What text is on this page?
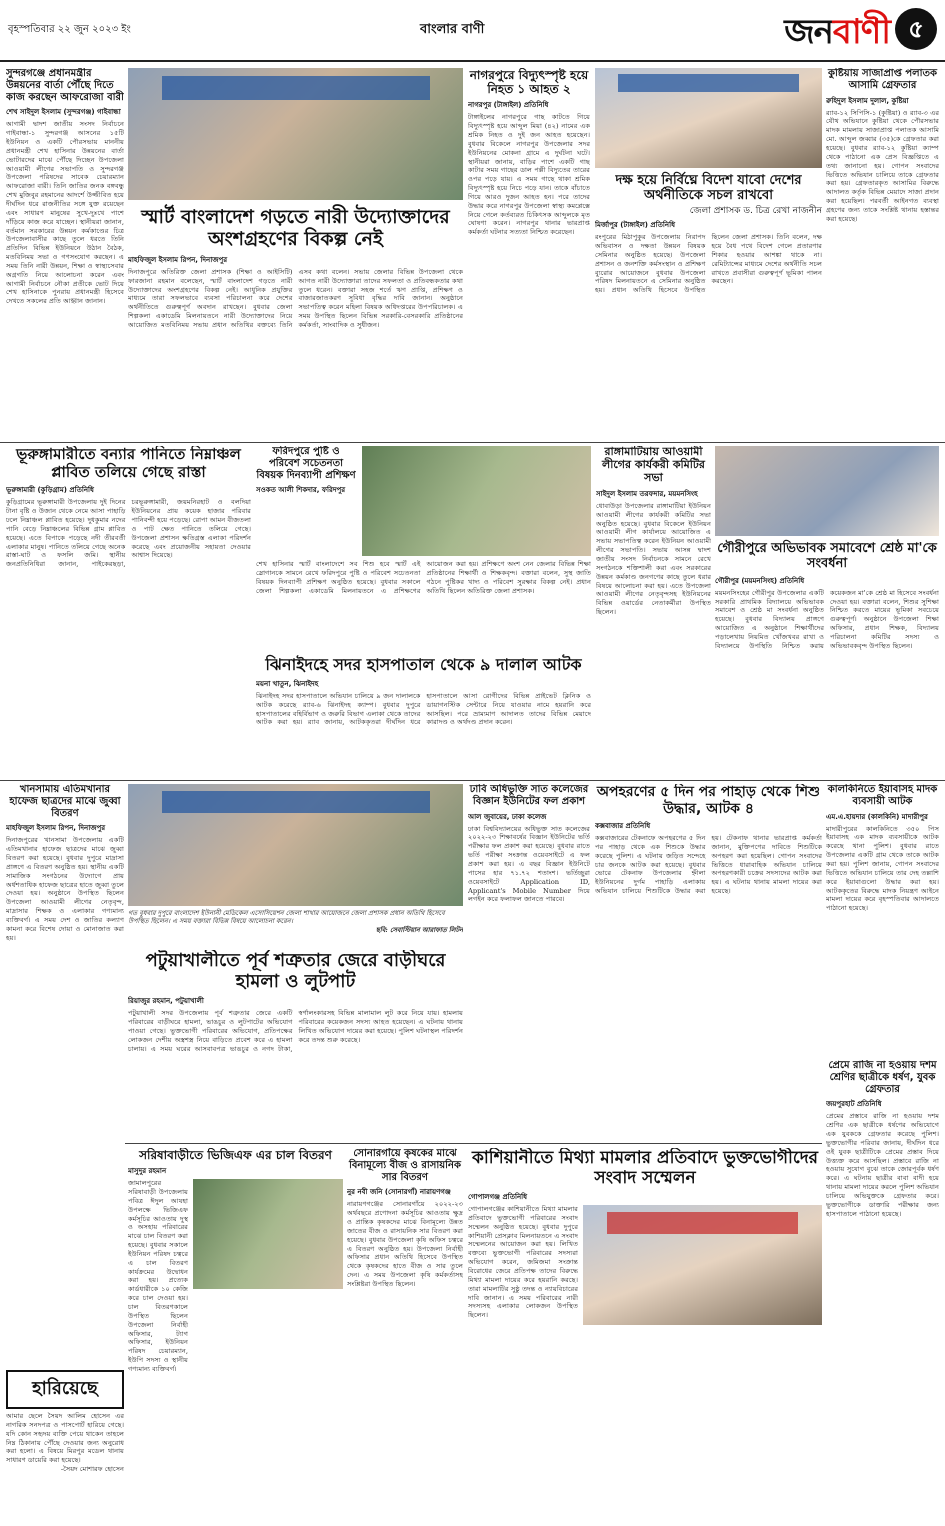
বৃহস্পতিবার ২২ জুন ২০২৩ ইং	বাংলার বাণী	জনবাণী ৫
সুন্দরগঞ্জে প্রধানমন্ত্রীর উন্নয়নের বার্তা পৌঁছে দিতে কাজ করছেন আফরোজা বারী
শেখ সাইদুল ইসলাম (সুন্দরগঞ্জ) গাইবান্ধা
আগামী দ্বাদশ জাতীয় সংসদ নির্বাচনে গাইবান্ধা-১ সুন্দরগঞ্জ আসনের ১৫টি ইউনিয়ন ও একটি পৌরসভায় মাননীয় প্রধানমন্ত্রী শেখ হাসিনার উন্নয়নের বার্তা ভোটারদের মাঝে পৌঁছে দিচ্ছেন উপজেলা আওয়ামী লীগের সভাপতি ও সুন্দরগঞ্জ উপজেলা পরিষদের সাবেক চেয়ারম্যান আফরোজা বারী। তিনি জাতির জনক বঙ্গবন্ধু শেখ মুজিবুর রহমানের আদর্শে উজ্জীবিত হয়ে দীর্ঘদিন ধরে রাজনীতির সঙ্গে যুক্ত রয়েছেন এবং সাধারণ মানুষের সুখে-দুঃখে পাশে দাঁড়িয়ে কাজ করে যাচ্ছেন। স্থানীয়রা জানান, বর্তমান সরকারের উন্নয়ন কর্মকাণ্ডের চিত্র উপজেলাবাসীর কাছে তুলে ধরতে তিনি প্রতিদিন বিভিন্ন ইউনিয়নে উঠান বৈঠক, মতবিনিময় সভা ও গণসংযোগ করছেন। এ সময় তিনি নারী উন্নয়ন, শিক্ষা ও স্বাস্থ্যসেবার অগ্রগতি নিয়ে আলোচনা করেন এবং আগামী নির্বাচনে নৌকা প্রতীকে ভোট দিয়ে শেখ হাসিনাকে পুনরায় প্রধানমন্ত্রী হিসেবে দেখতে সকলের প্রতি আহ্বান জানান।
স্মার্ট বাংলাদেশ গড়তে নারী উদ্যোক্তাদের অংশগ্রহণের বিকল্প নেই
মাহফিজুল ইসলাম রিপন, দিনাজপুর
দিনাজপুরে অতিরিক্ত জেলা প্রশাসক (শিক্ষা ও আইসিটি) ফারজানা রহমান বলেছেন, স্মার্ট বাংলাদেশ গড়তে নারী উদ্যোক্তাদের অংশগ্রহণের বিকল্প নেই। আধুনিক প্রযুক্তির মাধ্যমে তারা সফলভাবে ব্যবসা পরিচালনা করে দেশের অর্থনীতিতে গুরুত্বপূর্ণ অবদান রাখছেন। বুধবার জেলা শিল্পকলা একাডেমি মিলনায়তনে নারী উদ্যোক্তাদের নিয়ে আয়োজিত মতবিনিময় সভায় প্রধান অতিথির বক্তব্যে তিনি এসব কথা বলেন। সভায় জেলার বিভিন্ন উপজেলা থেকে আগত নারী উদ্যোক্তারা তাদের সফলতা ও প্রতিবন্ধকতার কথা তুলে ধরেন। বক্তারা সহজ শর্তে ঋণ প্রাপ্তি, প্রশিক্ষণ ও বাজারজাতকরণ সুবিধা বৃদ্ধির দাবি জানান। অনুষ্ঠানে সভাপতিত্ব করেন মহিলা বিষয়ক অধিদপ্তরের উপপরিচালক। এ সময় উপস্থিত ছিলেন বিভিন্ন সরকারি-বেসরকারি প্রতিষ্ঠানের কর্মকর্তা, সাংবাদিক ও সুধীজন।
নাগরপুরে বিদ্যুৎস্পৃষ্ট হয়ে নিহত ১ আহত ২
নাগরপুর (টাঙ্গাইল) প্রতিনিধি
টাঙ্গাইলের নাগরপুরে গাছ কাটতে গিয়ে বিদ্যুৎস্পৃষ্ট হয়ে আব্দুল মিয়া (৪২) নামের এক শ্রমিক নিহত ও দুই জন আহত হয়েছেন। বুধবার বিকেলে নাগরপুর উপজেলার সদর ইউনিয়নের মোকনা গ্রামে এ দুর্ঘটনা ঘটে। স্থানীয়রা জানায়, বাড়ির পাশে একটি গাছ কাটার সময় গাছের ডাল পল্লী বিদ্যুতের তারের ওপর পড়ে যায়। এ সময় গাছে থাকা শ্রমিক বিদ্যুৎস্পৃষ্ট হয়ে নিচে পড়ে যান। তাকে বাঁচাতে গিয়ে আরও দুজন আহত হন। পরে তাদের উদ্ধার করে নাগরপুর উপজেলা স্বাস্থ্য কমপ্লেক্সে নিয়ে গেলে কর্তব্যরত চিকিৎসক আব্দুলকে মৃত ঘোষণা করেন। নাগরপুর থানার ভারপ্রাপ্ত কর্মকর্তা ঘটনার সত্যতা নিশ্চিত করেছেন।
দক্ষ হয়ে নির্বিঘ্নে বিদেশ যাবো দেশের অর্থনীতিকে সচল রাখবো
জেলা প্রশাসক ড. চিত্র রেখা নাজনীন
মির্জাপুর (টাঙ্গাইল) প্রতিনিধি
রংপুরের মিঠাপুকুর উপজেলায় নিরাপদ অভিবাসন ও দক্ষতা উন্নয়ন বিষয়ক সেমিনার অনুষ্ঠিত হয়েছে। উপজেলা প্রশাসন ও জনশক্তি কর্মসংস্থান ও প্রশিক্ষণ ব্যুরোর আয়োজনে বুধবার উপজেলা পরিষদ মিলনায়তনে এ সেমিনার অনুষ্ঠিত হয়। প্রধান অতিথি হিসেবে উপস্থিত ছিলেন জেলা প্রশাসক। তিনি বলেন, দক্ষ হয়ে বৈধ পথে বিদেশ গেলে প্রতারণার শিকার হওয়ার আশঙ্কা থাকে না। রেমিট্যান্সের মাধ্যমে দেশের অর্থনীতি সচল রাখতে প্রবাসীরা গুরুত্বপূর্ণ ভূমিকা পালন করছেন।
কুষ্টিয়ায় সাজাপ্রাপ্ত পলাতক আসামি গ্রেফতার
রুহিদুল ইসলাম দুলাল, কুষ্টিয়া
র‌্যাব-১২ সিপিসি-১ (কুষ্টিয়া) ও র‌্যাব-৩ এর যৌথ অভিযানে কুষ্টিয়া থেকে পৌরসভার মাদক মামলায় সাজাপ্রাপ্ত পলাতক আসামি মো. আব্দুল জব্বার (৩৫)কে গ্রেফতার করা হয়েছে। বুধবার র‌্যাব-১২ কুষ্টিয়া ক্যাম্প থেকে পাঠানো এক প্রেস বিজ্ঞপ্তিতে এ তথ্য জানানো হয়। গোপন সংবাদের ভিত্তিতে অভিযান চালিয়ে তাকে গ্রেফতার করা হয়। গ্রেফতারকৃত আসামির বিরুদ্ধে আদালত কর্তৃক বিভিন্ন মেয়াদে সাজা প্রদান করা হয়েছিল। পরবর্তী আইনগত ব্যবস্থা গ্রহণের জন্য তাকে সংশ্লিষ্ট থানায় হস্তান্তর করা হয়েছে।
ভূরুঙ্গামারীতে বন্যার পানিতে নিম্নাঞ্চল প্লাবিত তলিয়ে গেছে রাস্তা
ভূরুঙ্গামারী (কুড়িগ্রাম) প্রতিনিধি
কুড়িগ্রামের ভূরুঙ্গামারী উপজেলায় দুই দিনের টানা বৃষ্টি ও উজান থেকে নেমে আসা পাহাড়ি ঢলে নিম্নাঞ্চল প্লাবিত হয়েছে। দুধকুমার নদের পানি বেড়ে নিম্নাঞ্চলের বিভিন্ন গ্রাম প্লাবিত হয়েছে। এতে বিপাকে পড়েছে নদী তীরবর্তী এলাকার মানুষ। পানিতে তলিয়ে গেছে অনেক রাস্তা-ঘাট ও ফসলি জমি। স্থানীয় জনপ্রতিনিধিরা জানান, পাইকেরছড়া, চরভূরুঙ্গামারী, জয়মনিরহাট ও বলদিয়া ইউনিয়নের প্রায় কয়েক হাজার পরিবার পানিবন্দী হয়ে পড়েছে। রোপা আমন বীজতলা ও পাট ক্ষেত পানিতে তলিয়ে গেছে। উপজেলা প্রশাসন ক্ষতিগ্রস্ত এলাকা পরিদর্শন করেছে এবং প্রয়োজনীয় সহায়তা দেওয়ার আশ্বাস দিয়েছে।
ফরিদপুরে পুষ্টি ও পরিবেশ সচেতনতা বিষয়ক দিনব্যাপী প্রশিক্ষণ
সওকত আলী শিকদার, ফরিদপুর
শেখ হাসিনার স্মার্ট বাংলাদেশে সব শিশু হবে স্মার্ট এই স্লোগানকে সামনে রেখে ফরিদপুরে পুষ্টি ও পরিবেশ সচেতনতা বিষয়ক দিনব্যাপী প্রশিক্ষণ অনুষ্ঠিত হয়েছে। বুধবার সকালে জেলা শিল্পকলা একাডেমি মিলনায়তনে এ প্রশিক্ষণের আয়োজন করা হয়। প্রশিক্ষণে অংশ নেন জেলার বিভিন্ন শিক্ষা প্রতিষ্ঠানের শিক্ষার্থী ও শিক্ষকবৃন্দ। বক্তারা বলেন, সুস্থ জাতি গঠনে পুষ্টিকর খাদ্য ও পরিবেশ সুরক্ষার বিকল্প নেই। প্রধান অতিথি ছিলেন অতিরিক্ত জেলা প্রশাসক।
ঝিনাইদহে সদর হাসপাতাল থেকে ৯ দালাল আটক
ময়না খাতুন, ঝিনাইদহ
ঝিনাইদহ সদর হাসপাতালে অভিযান চালিয়ে ৯ জন দালালকে আটক করেছে র‌্যাব-৬ ঝিনাইদহ ক্যাম্প। বুধবার দুপুরে হাসপাতালের বহির্বিভাগ ও জরুরি বিভাগ এলাকা থেকে তাদের আটক করা হয়। র‌্যাব জানায়, আটককৃতরা দীর্ঘদিন ধরে হাসপাতালে আসা রোগীদের বিভিন্ন প্রাইভেট ক্লিনিক ও ডায়াগনস্টিক সেন্টারে নিয়ে যাওয়ার নামে হয়রানি করে আসছিল। পরে ভ্রাম্যমাণ আদালত তাদের বিভিন্ন মেয়াদে কারাদণ্ড ও অর্থদণ্ড প্রদান করেন।
রাঙ্গামাটিয়ায় আওয়ামী লীগের কার্যকরী কমিটির সভা
সাইদুল ইসলাম তরফদার, ময়মনসিংহ
ধোবাউড়া উপজেলার রাঙ্গামাটিয়া ইউনিয়ন আওয়ামী লীগের কার্যকরী কমিটির সভা অনুষ্ঠিত হয়েছে। বুধবার বিকেলে ইউনিয়ন আওয়ামী লীগ কার্যালয়ে আয়োজিত এ সভায় সভাপতিত্ব করেন ইউনিয়ন আওয়ামী লীগের সভাপতি। সভায় আসন্ন দ্বাদশ জাতীয় সংসদ নির্বাচনকে সামনে রেখে সংগঠনকে শক্তিশালী করা এবং সরকারের উন্নয়ন কর্মকাণ্ড জনগণের কাছে তুলে ধরার বিষয়ে আলোচনা করা হয়। এতে উপজেলা আওয়ামী লীগের নেতৃবৃন্দসহ ইউনিয়নের বিভিন্ন ওয়ার্ডের নেতাকর্মীরা উপস্থিত ছিলেন।
গৌরীপুরে অভিভাবক সমাবেশে শ্রেষ্ঠ মা'কে সংবর্ধনা
গৌরীপুর (ময়মনসিংহ) প্রতিনিধি
ময়মনসিংহের গৌরীপুর উপজেলার একটি সরকারি প্রাথমিক বিদ্যালয়ে অভিভাবক সমাবেশ ও শ্রেষ্ঠ মা সংবর্ধনা অনুষ্ঠিত হয়েছে। বুধবার বিদ্যালয় প্রাঙ্গণে আয়োজিত এ অনুষ্ঠানে শিক্ষার্থীদের পড়ালেখায় নিয়মিত খোঁজখবর রাখা ও বিদ্যালয়ে উপস্থিতি নিশ্চিত করায় কয়েকজন মা'কে শ্রেষ্ঠ মা হিসেবে সংবর্ধনা দেওয়া হয়। বক্তারা বলেন, শিশুর সুশিক্ষা নিশ্চিত করতে মায়ের ভূমিকা সবচেয়ে গুরুত্বপূর্ণ। অনুষ্ঠানে উপজেলা শিক্ষা অফিসার, প্রধান শিক্ষক, বিদ্যালয় পরিচালনা কমিটির সদস্য ও অভিভাবকবৃন্দ উপস্থিত ছিলেন।
খানসামায় এতিমখানার হাফেজ ছাত্রদের মাঝে জুব্বা বিতরণ
মাহফিজুল ইসলাম রিপন, দিনাজপুর
দিনাজপুরের খানসামা উপজেলায় একটি এতিমখানার হাফেজ ছাত্রদের মাঝে জুব্বা বিতরণ করা হয়েছে। বুধবার দুপুরে মাদ্রাসা প্রাঙ্গণে এ বিতরণ অনুষ্ঠিত হয়। স্থানীয় একটি সামাজিক সংগঠনের উদ্যোগে প্রায় অর্ধশতাধিক হাফেজ ছাত্রের হাতে জুব্বা তুলে দেওয়া হয়। অনুষ্ঠানে উপস্থিত ছিলেন উপজেলা আওয়ামী লীগের নেতৃবৃন্দ, মাদ্রাসার শিক্ষক ও এলাকার গণ্যমান্য ব্যক্তিবর্গ। এ সময় দেশ ও জাতির কল্যাণ কামনা করে বিশেষ দোয়া ও মোনাজাত করা হয়।
গত বুধবার দুপুরে বাংলাদেশ ইউনানী মেডিকেল এসোসিয়েশন জেলা শাখার আয়োজনে জেলা প্রশাসক প্রধান অতিথি হিসেবে উপস্থিত ছিলেন। এ সময় বক্তারা বিভিন্ন বিষয়ে আলোচনা করেন।
ছবি: সেবাস্টিয়ান আরাফাত লিটন
ঢাবি অধিভুক্তি সাত কলেজের বিজ্ঞান ইউনিটের ফল প্রকাশ
আল জুবায়ের, ঢাকা কলেজ
ঢাকা বিশ্ববিদ্যালয়ের অধিভুক্ত সাত কলেজের ২০২২-২৩ শিক্ষাবর্ষের বিজ্ঞান ইউনিটের ভর্তি পরীক্ষার ফল প্রকাশ করা হয়েছে। বুধবার রাতে ভর্তি পরীক্ষা সংক্রান্ত ওয়েবসাইটে এ ফল প্রকাশ করা হয়। এ বছর বিজ্ঞান ইউনিটে পাসের হার ৭১.৭২ শতাংশ। ভর্তিচ্ছুরা ওয়েবসাইটে Application ID, Applicant's Mobile Number দিয়ে লগইন করে ফলাফল জানতে পারবে।
অপহরণের ৫ দিন পর পাহাড় থেকে শিশু উদ্ধার, আটক ৪
কক্সবাজার প্রতিনিধি
কক্সবাজারের টেকনাফে অপহরণের ৫ দিন পর পাহাড় থেকে এক শিশুকে উদ্ধার করেছে পুলিশ। এ ঘটনায় জড়িত সন্দেহে চার জনকে আটক করা হয়েছে। বুধবার ভোরে টেকনাফ উপজেলার হ্নীলা ইউনিয়নের দুর্গম পাহাড়ি এলাকায় অভিযান চালিয়ে শিশুটিকে উদ্ধার করা হয়। টেকনাফ থানার ভারপ্রাপ্ত কর্মকর্তা জানান, মুক্তিপণের দাবিতে শিশুটিকে অপহরণ করা হয়েছিল। গোপন সংবাদের ভিত্তিতে ধারাবাহিক অভিযান চালিয়ে অপহরণকারী চক্রের সদস্যদের আটক করা হয়। এ ঘটনায় থানায় মামলা দায়ের করা হয়েছে।
কালকিনিতে ইয়াবাসহ মাদক ব্যবসায়ী আটক
এম.এ.হায়দার (কালকিনি) মাদারীপুর
মাদারীপুরের কালকিনিতে ৩৫০ পিস ইয়াবাসহ এক মাদক ব্যবসায়ীকে আটক করেছে থানা পুলিশ। বুধবার রাতে উপজেলার একটি গ্রাম থেকে তাকে আটক করা হয়। পুলিশ জানায়, গোপন সংবাদের ভিত্তিতে অভিযান চালিয়ে তার দেহ তল্লাশি করে ইয়াবাগুলো উদ্ধার করা হয়। আটককৃতের বিরুদ্ধে মাদক নিয়ন্ত্রণ আইনে মামলা দায়ের করে বৃহস্পতিবার আদালতে পাঠানো হয়েছে।
পটুয়াখালীতে পূর্ব শত্রুতার জেরে বাড়ীঘরে হামলা ও লুটপাট
রিয়াজুর রহমান, পটুয়াখালী
পটুয়াখালী সদর উপজেলায় পূর্ব শত্রুতার জেরে একটি পরিবারের বাড়ীঘরে হামলা, ভাঙচুর ও লুটপাটের অভিযোগ পাওয়া গেছে। ভুক্তভোগী পরিবারের অভিযোগ, প্রতিপক্ষের লোকজন দেশীয় অস্ত্রশস্ত্র নিয়ে বাড়িতে প্রবেশ করে এ হামলা চালায়। এ সময় ঘরের আসবাবপত্র ভাঙচুর ও নগদ টাকা, স্বর্ণালংকারসহ বিভিন্ন মালামাল লুট করে নিয়ে যায়। হামলায় পরিবারের কয়েকজন সদস্য আহত হয়েছেন। এ ঘটনায় থানায় লিখিত অভিযোগ দায়ের করা হয়েছে। পুলিশ ঘটনাস্থল পরিদর্শন করে তদন্ত শুরু করেছে।
প্রেমে রাজি না হওয়ায় দশম শ্রেণির ছাত্রীকে ধর্ষণ, যুবক গ্রেফতার
জয়পুরহাট প্রতিনিধি
প্রেমের প্রস্তাবে রাজি না হওয়ায় দশম শ্রেণির এক ছাত্রীকে ধর্ষণের অভিযোগে এক যুবককে গ্রেফতার করেছে পুলিশ। ভুক্তভোগীর পরিবার জানায়, দীর্ঘদিন ধরে ওই যুবক ছাত্রীটিকে প্রেমের প্রস্তাব দিয়ে উত্ত্যক্ত করে আসছিল। প্রস্তাবে রাজি না হওয়ায় সুযোগ বুঝে তাকে জোরপূর্বক ধর্ষণ করে। এ ঘটনায় ছাত্রীর বাবা বাদী হয়ে থানায় মামলা দায়ের করলে পুলিশ অভিযান চালিয়ে অভিযুক্তকে গ্রেফতার করে। ভুক্তভোগীকে ডাক্তারি পরীক্ষার জন্য হাসপাতালে পাঠানো হয়েছে।
সরিষাবাড়ীতে ভিজিএফ এর চাল বিতরণ
মাসুদুর রহমান
জামালপুরের সরিষাবাড়ী উপজেলায় পবিত্র ঈদুল আযহা উপলক্ষে ভিজিএফ কর্মসূচির আওতায় দুস্থ ও অসহায় পরিবারের মাঝে চাল বিতরণ করা হয়েছে। বুধবার সকালে ইউনিয়ন পরিষদ চত্বরে এ চাল বিতরণ কার্যক্রমের উদ্বোধন করা হয়। প্রত্যেক কার্ডধারীকে ১০ কেজি করে চাল দেওয়া হয়। চাল বিতরণকালে উপস্থিত ছিলেন উপজেলা নির্বাহী অফিসার, ট্যাগ অফিসার, ইউনিয়ন পরিষদ চেয়ারম্যান, ইউপি সদস্য ও স্থানীয় গণ্যমান্য ব্যক্তিবর্গ।
সোনারগাঁয়ে কৃষকের মাঝে বিনামূল্যে বীজ ও রাসায়নিক সার বিতরণ
নুর নবী জনি (সোনারগাঁ) নারায়ণগঞ্জ
নারায়ণগঞ্জের সোনারগাঁয়ে ২০২২-২৩ অর্থবছরে প্রণোদনা কর্মসূচির আওতায় ক্ষুদ্র ও প্রান্তিক কৃষকদের মাঝে বিনামূল্যে উন্নত জাতের বীজ ও রাসায়নিক সার বিতরণ করা হয়েছে। বুধবার উপজেলা কৃষি অফিস চত্বরে এ বিতরণ অনুষ্ঠিত হয়। উপজেলা নির্বাহী অফিসার প্রধান অতিথি হিসেবে উপস্থিত থেকে কৃষকদের হাতে বীজ ও সার তুলে দেন। এ সময় উপজেলা কৃষি কর্মকর্তাসহ সংশ্লিষ্টরা উপস্থিত ছিলেন।
কাশিয়ানীতে মিথ্যা মামলার প্রতিবাদে ভুক্তভোগীদের সংবাদ সম্মেলন
গোপালগঞ্জ প্রতিনিধি
গোপালগঞ্জের কাশিয়ানীতে মিথ্যা মামলার প্রতিবাদে ভুক্তভোগী পরিবারের সংবাদ সম্মেলন অনুষ্ঠিত হয়েছে। বুধবার দুপুরে কাশিয়ানী প্রেসক্লাব মিলনায়তনে এ সংবাদ সম্মেলনের আয়োজন করা হয়। লিখিত বক্তব্যে ভুক্তভোগী পরিবারের সদস্যরা অভিযোগ করেন, জমিজমা সংক্রান্ত বিরোধের জেরে প্রতিপক্ষ তাদের বিরুদ্ধে মিথ্যা মামলা দায়ের করে হয়রানি করছে। তারা মামলাটির সুষ্ঠু তদন্ত ও ন্যায়বিচারের দাবি জানান। এ সময় পরিবারের নারী সদস্যসহ এলাকার লোকজন উপস্থিত ছিলেন।
হারিয়েছে
আমার ছেলে সৈয়দ আলিম হোসেন এর নাগরিক সনদপত্র ও পাসপোর্ট হারিয়ে গেছে। যদি কোন সহৃদয় ব্যক্তি পেয়ে থাকেন তাহলে নিম্ন ঠিকানায় পৌঁছে দেওয়ার জন্য অনুরোধ করা হলো। এ বিষয়ে মিরপুর মডেল থানায় সাধারণ ডায়েরি করা হয়েছে।
-সৈয়দ মোশারফ হোসেন
